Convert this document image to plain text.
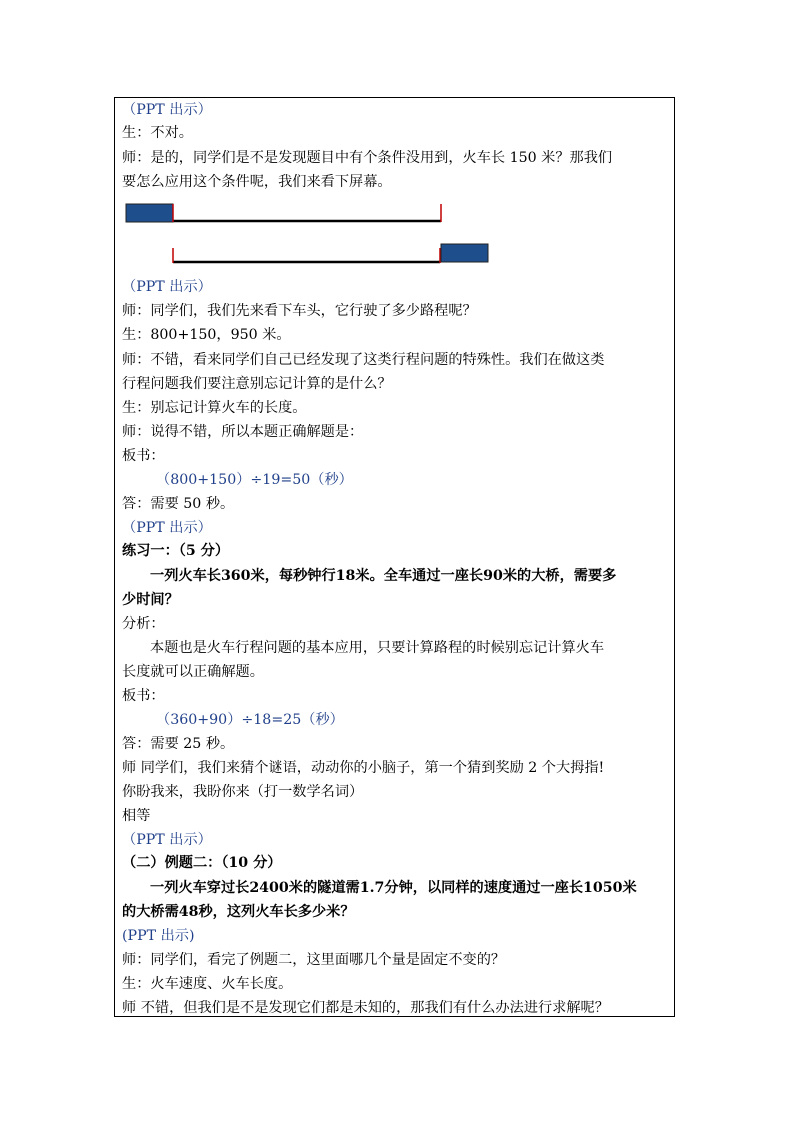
（PPT 出示）
生：不对。
师：是的，同学们是不是发现题目中有个条件没用到，火车长 150 米？那我们
要怎么应用这个条件呢，我们来看下屏幕。
（PPT 出示）
师：同学们，我们先来看下车头，它行驶了多少路程呢？
生：800+150，950 米。
师：不错，看来同学们自己已经发现了这类行程问题的特殊性。我们在做这类
行程问题我们要注意别忘记计算的是什么？
生：别忘记计算火车的长度。
师：说得不错，所以本题正确解题是：
板书：
（800+150）÷19=50（秒）
答：需要 50 秒。
（PPT 出示）
练习一：（5 分）
一列火车长360米，每秒钟行18米。全车通过一座长90米的大桥，需要多
少时间？
分析：
本题也是火车行程问题的基本应用，只要计算路程的时候别忘记计算火车
长度就可以正确解题。
板书：
（360+90）÷18=25（秒）
答：需要 25 秒。
师 同学们，我们来猜个谜语，动动你的小脑子，第一个猜到奖励 2 个大拇指!
你盼我来，我盼你来（打一数学名词）
相等
（PPT 出示）
（二）例题二：（10 分）
一列火车穿过长2400米的隧道需1.7分钟，以同样的速度通过一座长1050米
的大桥需48秒，这列火车长多少米？
(PPT 出示)
师：同学们，看完了例题二，这里面哪几个量是固定不变的？
生：火车速度、火车长度。
师 不错，但我们是不是发现它们都是未知的，那我们有什么办法进行求解呢？
